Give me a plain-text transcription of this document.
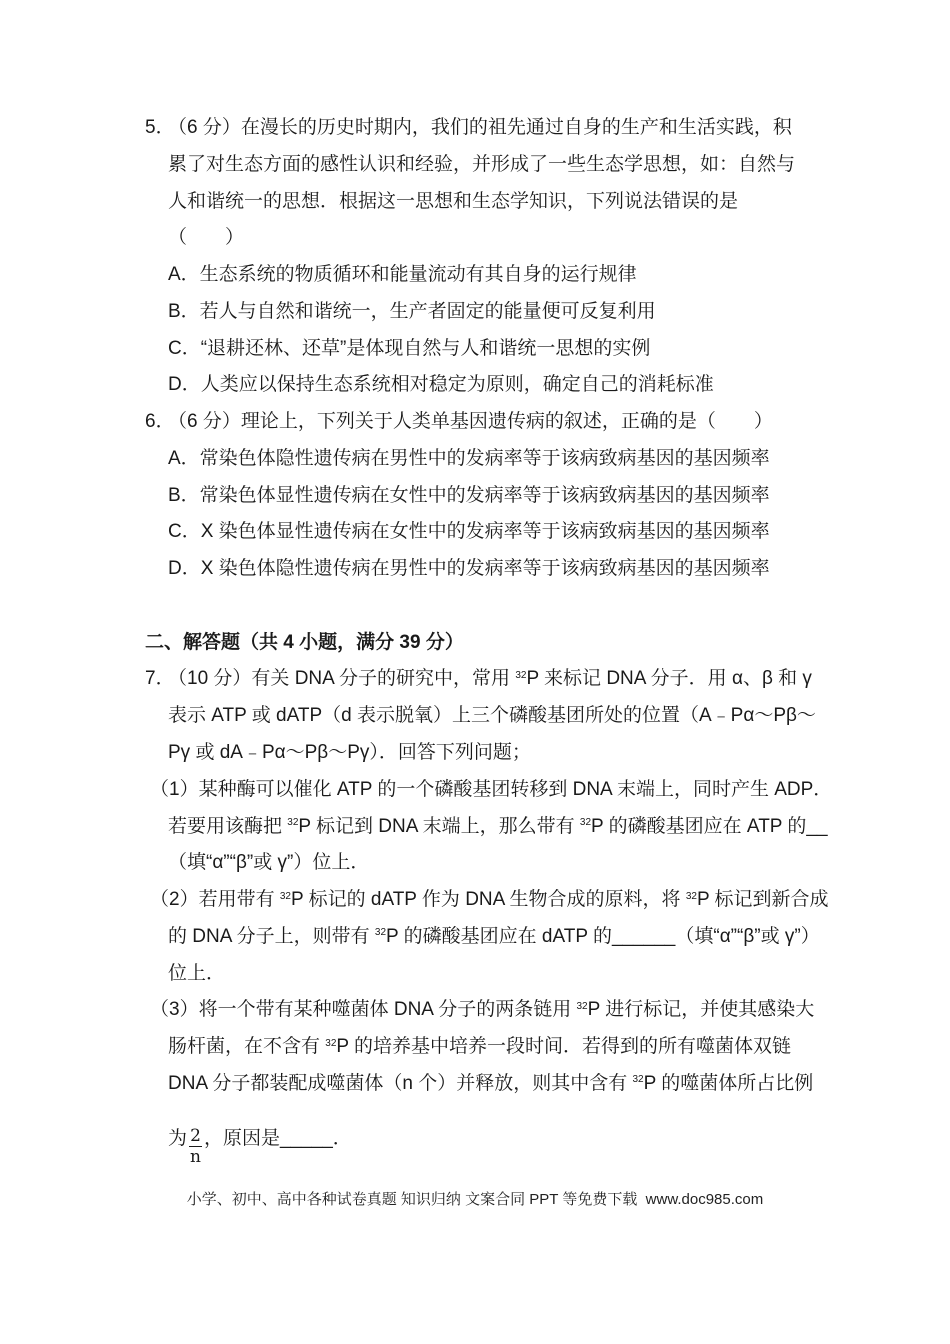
5．（6 分）在漫长的历史时期内，我们的祖先通过自身的生产和生活实践，积
累了对生态方面的感性认识和经验，并形成了一些生态学思想，如：自然与
人和谐统一的思想．根据这一思想和生态学知识，下列说法错误的是
（　　）
A．生态系统的物质循环和能量流动有其自身的运行规律
B．若人与自然和谐统一，生产者固定的能量便可反复利用
C．“退耕还林、还草”是体现自然与人和谐统一思想的实例
D．人类应以保持生态系统相对稳定为原则，确定自己的消耗标准
6．（6 分）理论上，下列关于人类单基因遗传病的叙述，正确的是（　　）
A．常染色体隐性遗传病在男性中的发病率等于该病致病基因的基因频率
B．常染色体显性遗传病在女性中的发病率等于该病致病基因的基因频率
C．X 染色体显性遗传病在女性中的发病率等于该病致病基因的基因频率
D．X 染色体隐性遗传病在男性中的发病率等于该病致病基因的基因频率
二、解答题（共 4 小题，满分 39 分）
7．（10 分）有关 DNA 分子的研究中，常用 $^{32}$P 来标记 DNA 分子．用 α、β 和 γ
表示 ATP 或 dATP（d 表示脱氧）上三个磷酸基团所处的位置（A﹣Pα～Pβ～
Pγ 或 dA﹣Pα～Pβ～Pγ）．回答下列问题；
（1）某种酶可以催化 ATP 的一个磷酸基团转移到 DNA 末端上，同时产生 ADP．
若要用该酶把 $^{32}$P 标记到 DNA 末端上，那么带有 $^{32}$P 的磷酸基团应在 ATP 的__
（填“α”“β”或 γ”）位上．
（2）若用带有 $^{32}$P 标记的 dATP 作为 DNA 生物合成的原料，将 $^{32}$P 标记到新合成
的 DNA 分子上，则带有 $^{32}$P 的磷酸基团应在 dATP 的______（填“α”“β”或 γ”）
位上．
（3）将一个带有某种噬菌体 DNA 分子的两条链用 $^{32}$P 进行标记，并使其感染大
肠杆菌，在不含有 $^{32}$P 的培养基中培养一段时间．若得到的所有噬菌体双链
DNA 分子都装配成噬菌体（n 个）并释放，则其中含有 $^{32}$P 的噬菌体所占比例
为 $\frac{2}{n}$ ，原因是_____．
小学、初中、高中各种试卷真题 知识归纳 文案合同 PPT 等免费下载  www.doc985.com
